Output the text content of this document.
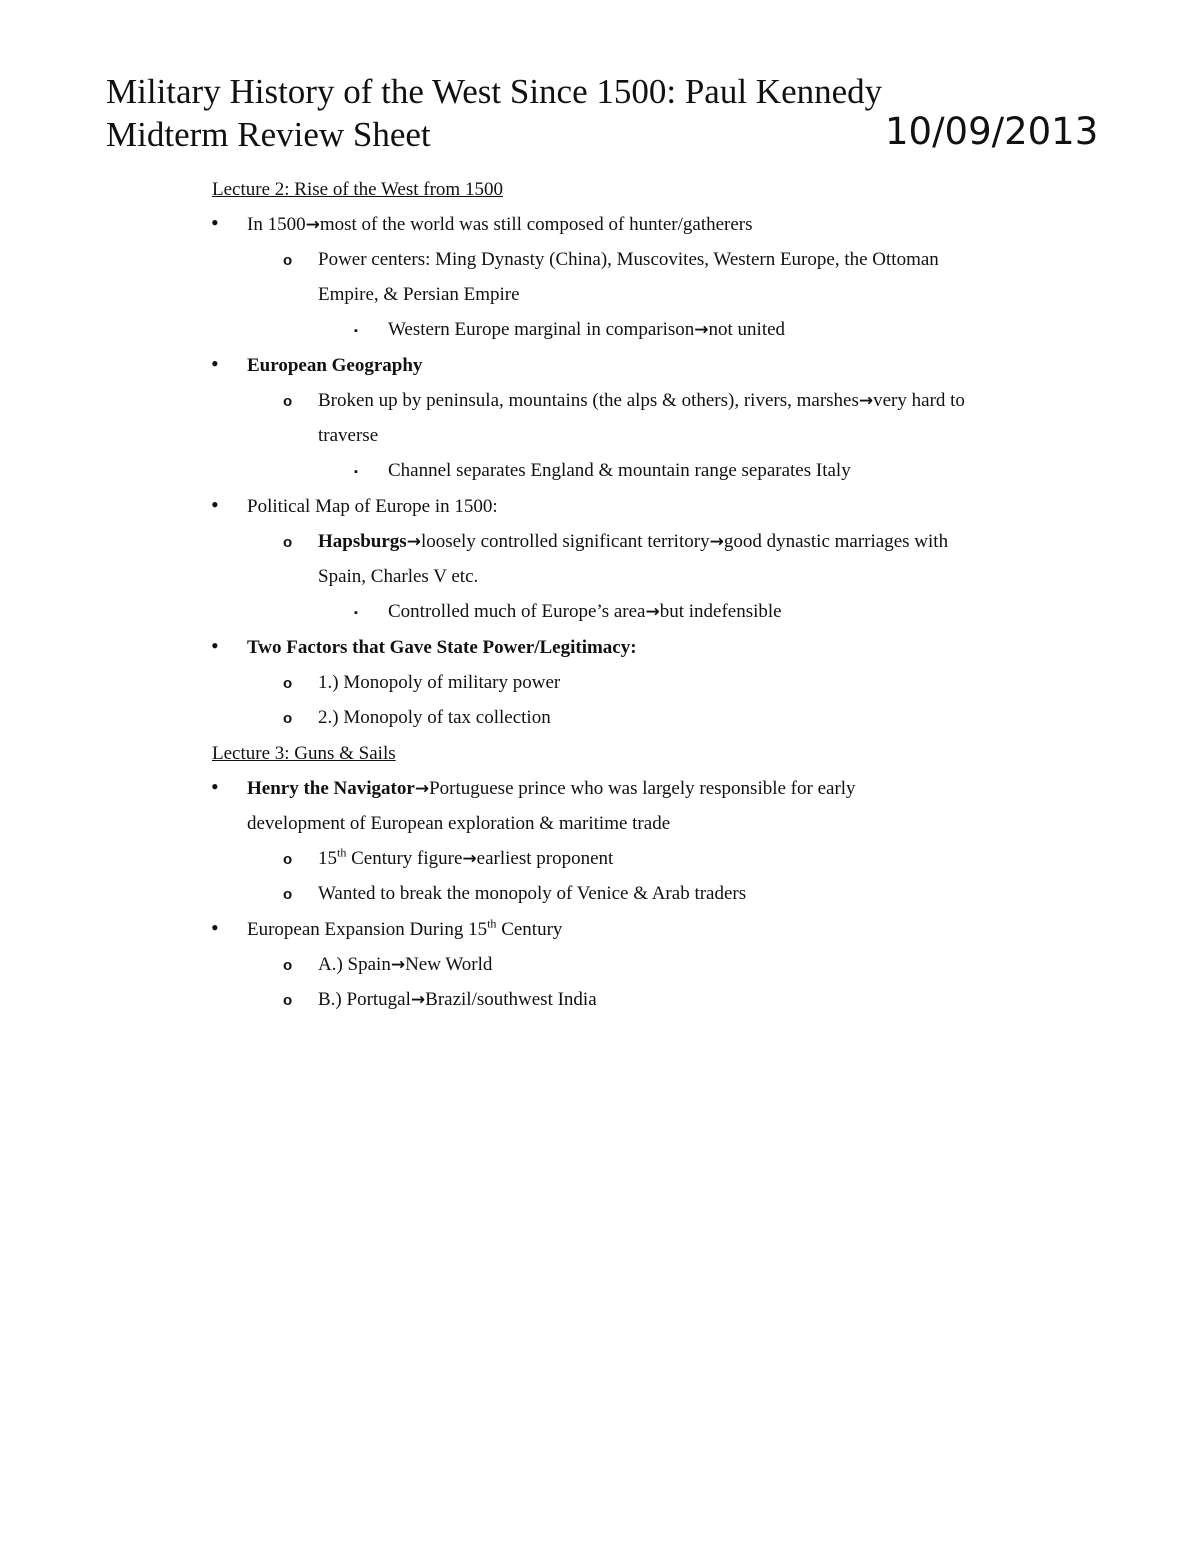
Military History of the West Since 1500: Paul Kennedy
Midterm Review Sheet	10/09/2013
Lecture 2: Rise of the West from 1500
• In 1500→most of the world was still composed of hunter/gatherers
o Power centers: Ming Dynasty (China), Muscovites, Western Europe, the Ottoman
Empire, & Persian Empire
▪ Western Europe marginal in comparison→not united
• European Geography
o Broken up by peninsula, mountains (the alps & others), rivers, marshes→very hard to
traverse
▪ Channel separates England & mountain range separates Italy
• Political Map of Europe in 1500:
o Hapsburgs→loosely controlled significant territory→good dynastic marriages with
Spain, Charles V etc.
▪ Controlled much of Europe’s area→but indefensible
• Two Factors that Gave State Power/Legitimacy:
o 1.) Monopoly of military power
o 2.) Monopoly of tax collection
Lecture 3: Guns & Sails
• Henry the Navigator→Portuguese prince who was largely responsible for early
development of European exploration & maritime trade
o 15th Century figure→earliest proponent
o Wanted to break the monopoly of Venice & Arab traders
• European Expansion During 15th Century
o A.) Spain→New World
o B.) Portugal→Brazil/southwest India
